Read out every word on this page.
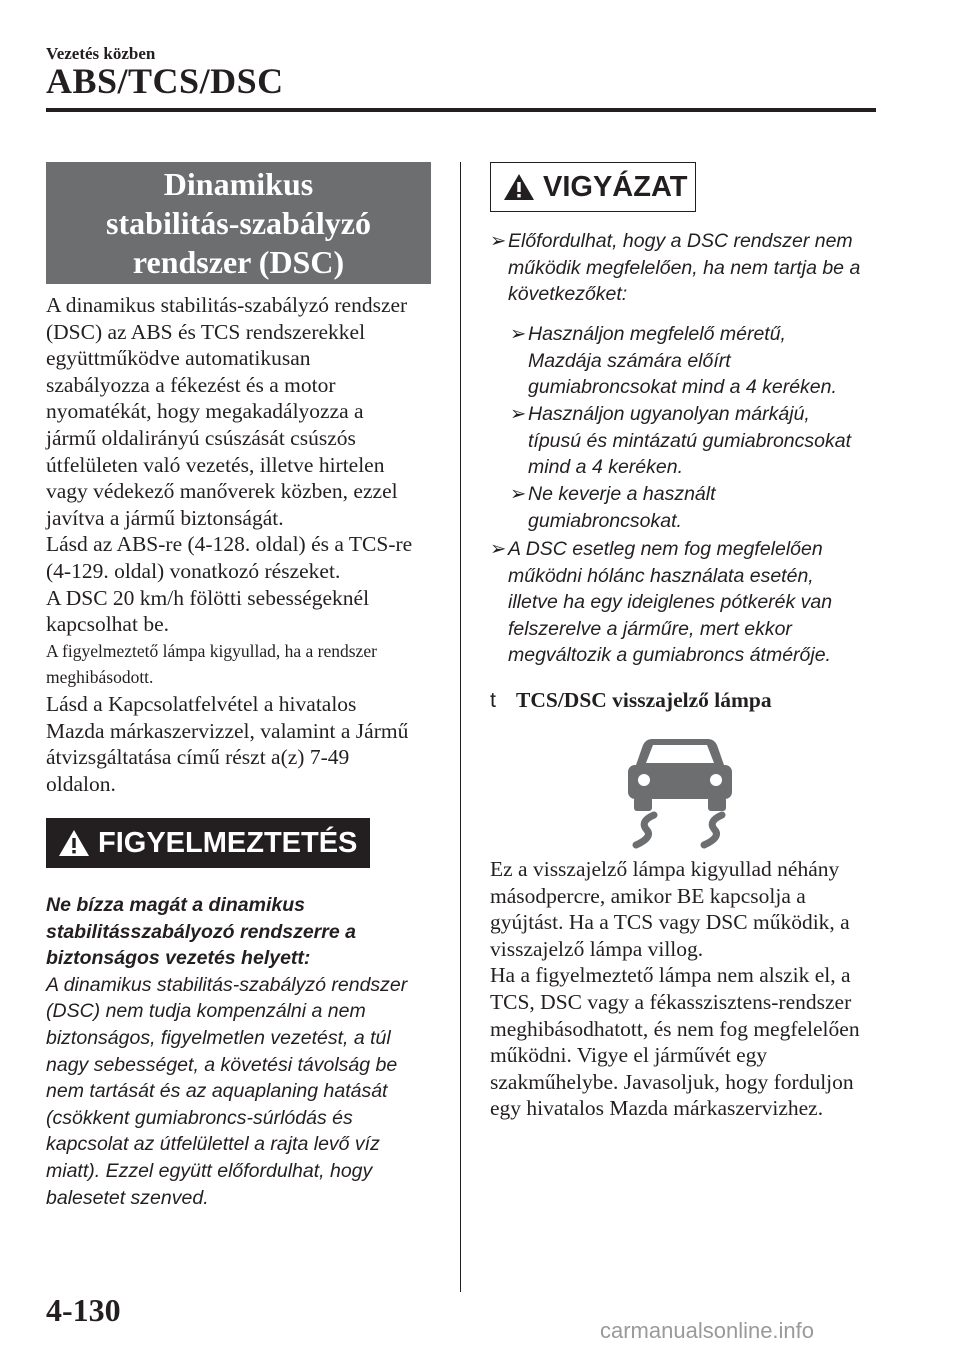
Vezetés közben
ABS/TCS/DSC
Dinamikus
stabilitás-szabályzó
rendszer (DSC)
A dinamikus stabilitás-szabályzó rendszer
(DSC) az ABS és TCS rendszerekkel
együttműködve automatikusan
szabályozza a fékezést és a motor
nyomatékát, hogy megakadályozza a
jármű oldalirányú csúszását csúszós
útfelületen való vezetés, illetve hirtelen
vagy védekező manőverek közben, ezzel
javítva a jármű biztonságát.
Lásd az ABS-re (4-128. oldal) és a TCS-re
(4-129. oldal) vonatkozó részeket.
A DSC 20 km/h fölötti sebességeknél
kapcsolhat be.
A figyelmeztető lámpa kigyullad, ha a rendszer
meghibásodott.
Lásd a Kapcsolatfelvétel a hivatalos
Mazda márkaszervizzel, valamint a Jármű
átvizsgáltatása című részt a(z) 7-49
oldalon.
FIGYELMEZTETÉS
Ne bízza magát a dinamikus
stabilitásszabályozó rendszerre a
biztonságos vezetés helyett:
A dinamikus stabilitás-szabályzó rendszer
(DSC) nem tudja kompenzálni a nem
biztonságos, figyelmetlen vezetést, a túl
nagy sebességet, a követési távolság be
nem tartását és az aquaplaning hatását
(csökkent gumiabroncs-súrlódás és
kapcsolat az útfelülettel a rajta levő víz
miatt). Ezzel együtt előfordulhat, hogy
balesetet szenved.
VIGYÁZAT
➢ Előfordulhat, hogy a DSC rendszer nem
működik megfelelően, ha nem tartja be a
következőket:
➢ Használjon megfelelő méretű,
Mazdája számára előírt
gumiabroncsokat mind a 4 keréken.
➢ Használjon ugyanolyan márkájú,
típusú és mintázatú gumiabroncsokat
mind a 4 keréken.
➢ Ne keverje a használt
gumiabroncsokat.
➢ A DSC esetleg nem fog megfelelően
működni hólánc használata esetén,
illetve ha egy ideiglenes pótkerék van
felszerelve a járműre, mert ekkor
megváltozik a gumiabroncs átmérője.
t TCS/DSC visszajelző lámpa
Ez a visszajelző lámpa kigyullad néhány
másodpercre, amikor BE kapcsolja a
gyújtást. Ha a TCS vagy DSC működik, a
visszajelző lámpa villog.
Ha a figyelmeztető lámpa nem alszik el, a
TCS, DSC vagy a fékasszisztens-rendszer
meghibásodhatott, és nem fog megfelelően
működni. Vigye el járművét egy
szakműhelybe. Javasoljuk, hogy forduljon
egy hivatalos Mazda márkaszervizhez.
4-130
carmanualsonline.info
